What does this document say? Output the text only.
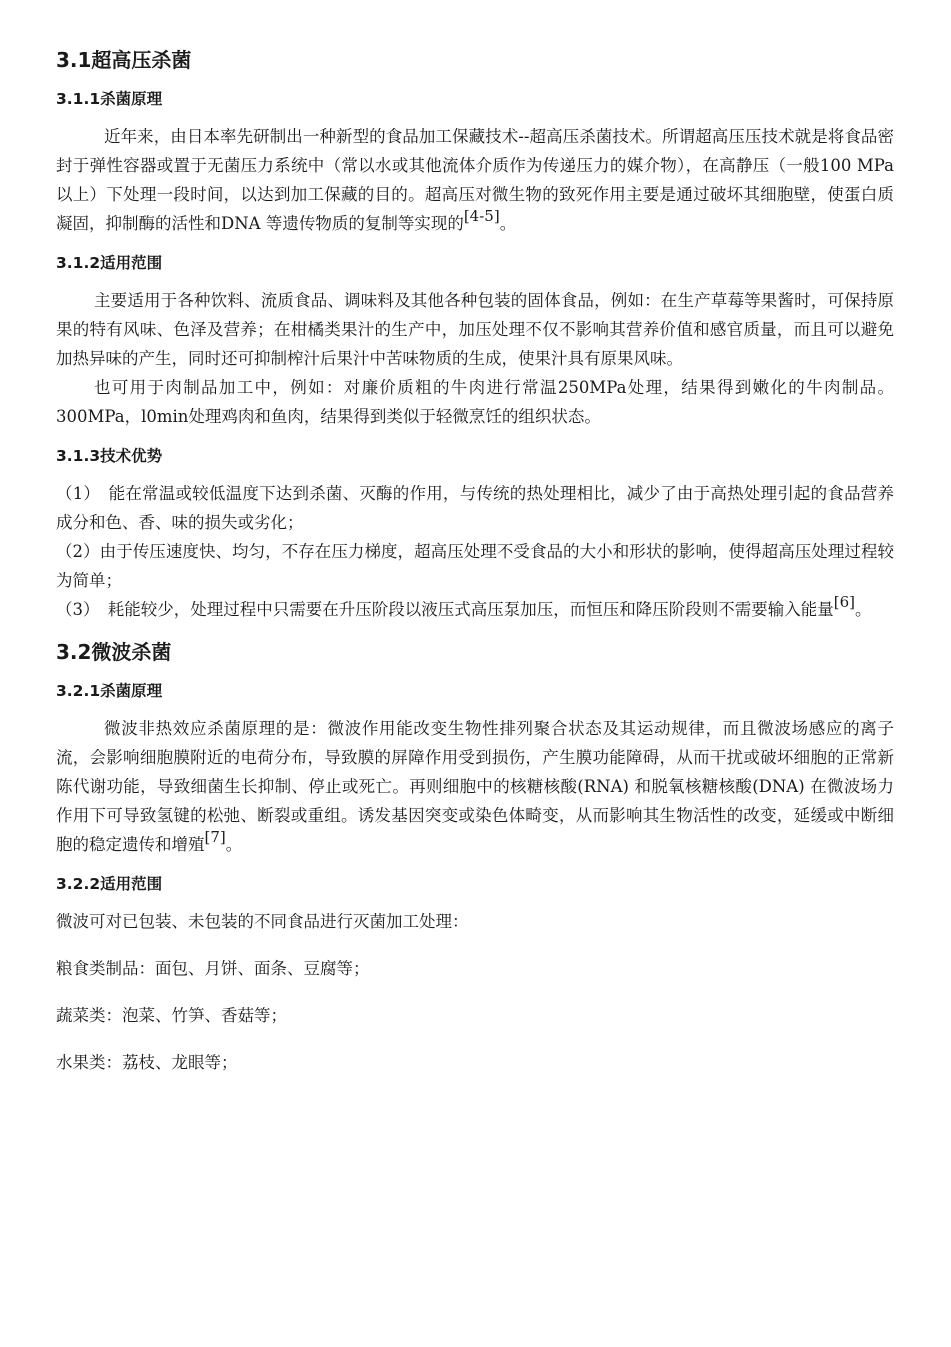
3.1超高压杀菌
3.1.1杀菌原理

近年来，由日本率先研制出一种新型的食品加工保藏技术--超高压杀菌技术。所谓超高压压技术就是将食品密封于弹性容器或置于无菌压力系统中（常以水或其他流体介质作为传递压力的媒介物），在高静压（一般100 MPa以上）下处理一段时间，以达到加工保藏的目的。超高压对微生物的致死作用主要是通过破坏其细胞壁，使蛋白质凝固，抑制酶的活性和DNA 等遗传物质的复制等实现的[4-5]。

3.1.2适用范围

主要适用于各种饮料、流质食品、调味料及其他各种包装的固体食品，例如：在生产草莓等果酱时，可保持原果的特有风味、色泽及营养；在柑橘类果汁的生产中，加压处理不仅不影响其营养价值和感官质量，而且可以避免加热异味的产生，同时还可抑制榨汁后果汁中苦味物质的生成，使果汁具有原果风味。

也可用于肉制品加工中，例如：对廉价质粗的牛肉进行常温250MPa处理，结果得到嫩化的牛肉制品。300MPa，l0min处理鸡肉和鱼肉，结果得到类似于轻微烹饪的组织状态。

3.1.3技术优势

（1）　能在常温或较低温度下达到杀菌、灭酶的作用，与传统的热处理相比，减少了由于高热处理引起的食品营养成分和色、香、味的损失或劣化；

（2）由于传压速度快、均匀，不存在压力梯度，超高压处理不受食品的大小和形状的影响，使得超高压处理过程较为简单；

（3）　耗能较少，处理过程中只需要在升压阶段以液压式高压泵加压，而恒压和降压阶段则不需要输入能量[6]。

3.2微波杀菌
3.2.1杀菌原理

微波非热效应杀菌原理的是：微波作用能改变生物性排列聚合状态及其运动规律，而且微波场感应的离子流，会影响细胞膜附近的电荷分布，导致膜的屏障作用受到损伤，产生膜功能障碍，从而干扰或破坏细胞的正常新陈代谢功能，导致细菌生长抑制、停止或死亡。再则细胞中的核糖核酸(RNA) 和脱氧核糖核酸(DNA) 在微波场力作用下可导致氢键的松弛、断裂或重组。诱发基因突变或染色体畸变，从而影响其生物活性的改变，延缓或中断细胞的稳定遗传和增殖[7]。

3.2.2适用范围

微波可对已包装、未包装的不同食品进行灭菌加工处理：

粮食类制品：面包、月饼、面条、豆腐等；

蔬菜类：泡菜、竹笋、香菇等；

水果类：荔枝、龙眼等；
